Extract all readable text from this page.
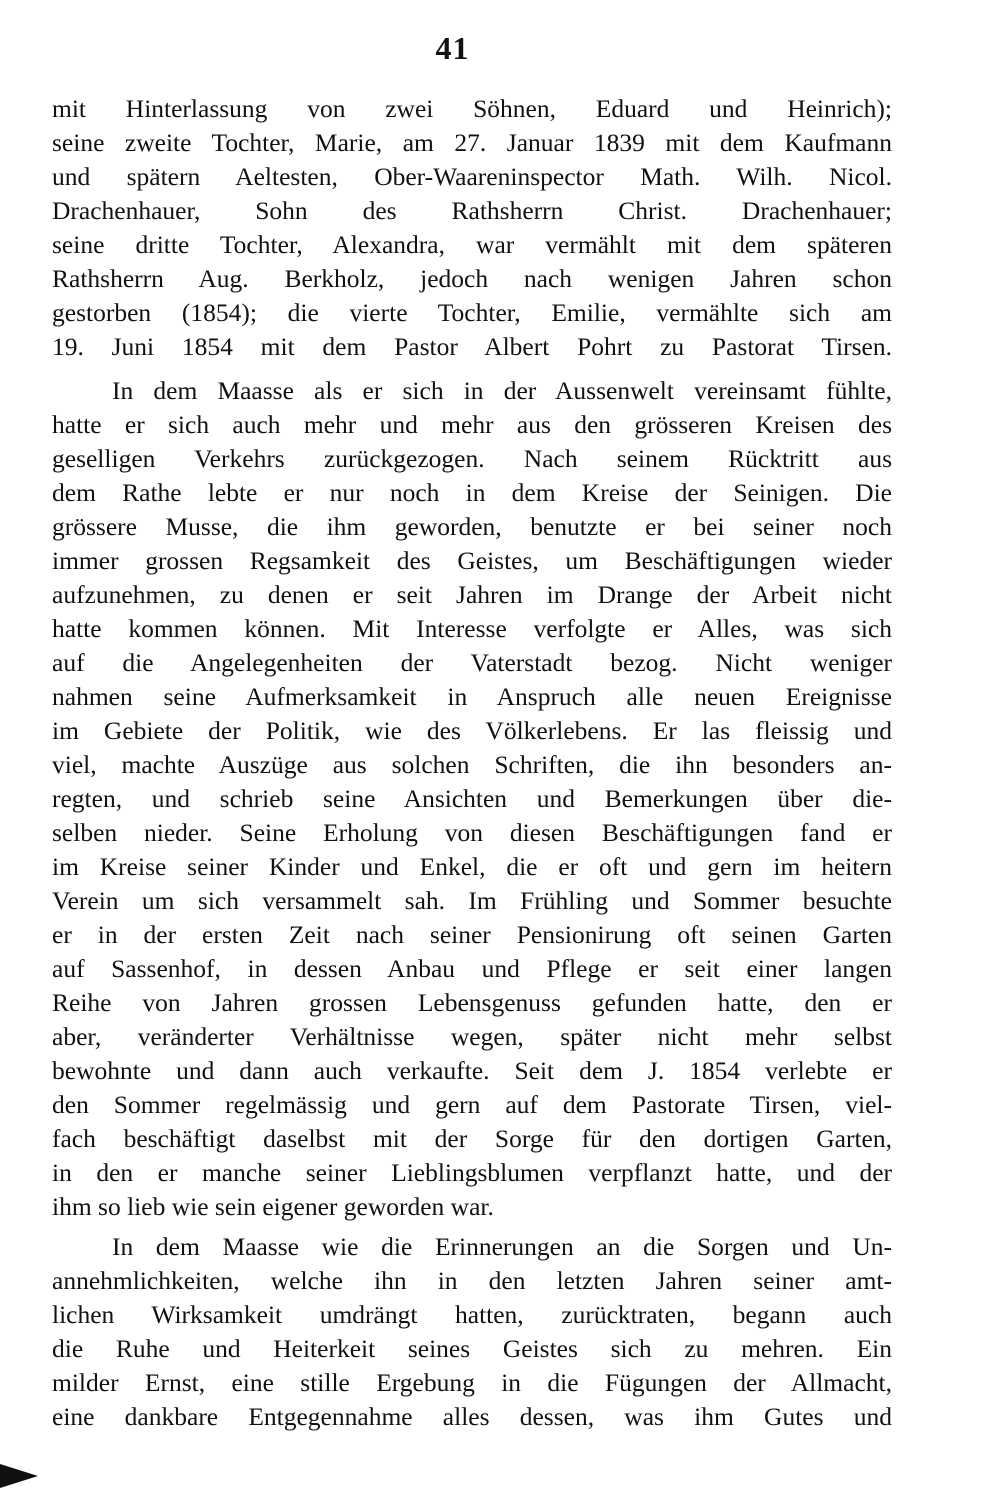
41
mit Hinterlassung von zwei Söhnen, Eduard und Heinrich);
seine zweite Tochter, Marie, am 27. Januar 1839 mit dem Kaufmann
und spätern Aeltesten, Ober-Waareninspector Math. Wilh. Nicol.
Drachenhauer, Sohn des Rathsherrn Christ. Drachenhauer;
seine dritte Tochter, Alexandra, war vermählt mit dem späteren
Rathsherrn Aug. Berkholz, jedoch nach wenigen Jahren schon
gestorben (1854); die vierte Tochter, Emilie, vermählte sich am
19. Juni 1854 mit dem Pastor Albert Pohrt zu Pastorat Tirsen.
In dem Maasse als er sich in der Aussenwelt vereinsamt fühlte,
hatte er sich auch mehr und mehr aus den grösseren Kreisen des
geselligen Verkehrs zurückgezogen. Nach seinem Rücktritt aus
dem Rathe lebte er nur noch in dem Kreise der Seinigen. Die
grössere Musse, die ihm geworden, benutzte er bei seiner noch
immer grossen Regsamkeit des Geistes, um Beschäftigungen wieder
aufzunehmen, zu denen er seit Jahren im Drange der Arbeit nicht
hatte kommen können. Mit Interesse verfolgte er Alles, was sich
auf die Angelegenheiten der Vaterstadt bezog. Nicht weniger
nahmen seine Aufmerksamkeit in Anspruch alle neuen Ereignisse
im Gebiete der Politik, wie des Völkerlebens. Er las fleissig und
viel, machte Auszüge aus solchen Schriften, die ihn besonders an-
regten, und schrieb seine Ansichten und Bemerkungen über die-
selben nieder. Seine Erholung von diesen Beschäftigungen fand er
im Kreise seiner Kinder und Enkel, die er oft und gern im heitern
Verein um sich versammelt sah. Im Frühling und Sommer besuchte
er in der ersten Zeit nach seiner Pensionirung oft seinen Garten
auf Sassenhof, in dessen Anbau und Pflege er seit einer langen
Reihe von Jahren grossen Lebensgenuss gefunden hatte, den er
aber, veränderter Verhältnisse wegen, später nicht mehr selbst
bewohnte und dann auch verkaufte. Seit dem J. 1854 verlebte er
den Sommer regelmässig und gern auf dem Pastorate Tirsen, viel-
fach beschäftigt daselbst mit der Sorge für den dortigen Garten,
in den er manche seiner Lieblingsblumen verpflanzt hatte, und der
ihm so lieb wie sein eigener geworden war.
In dem Maasse wie die Erinnerungen an die Sorgen und Un-
annehmlichkeiten, welche ihn in den letzten Jahren seiner amt-
lichen Wirksamkeit umdrängt hatten, zurücktraten, begann auch
die Ruhe und Heiterkeit seines Geistes sich zu mehren. Ein
milder Ernst, eine stille Ergebung in die Fügungen der Allmacht,
eine dankbare Entgegennahme alles dessen, was ihm Gutes und
